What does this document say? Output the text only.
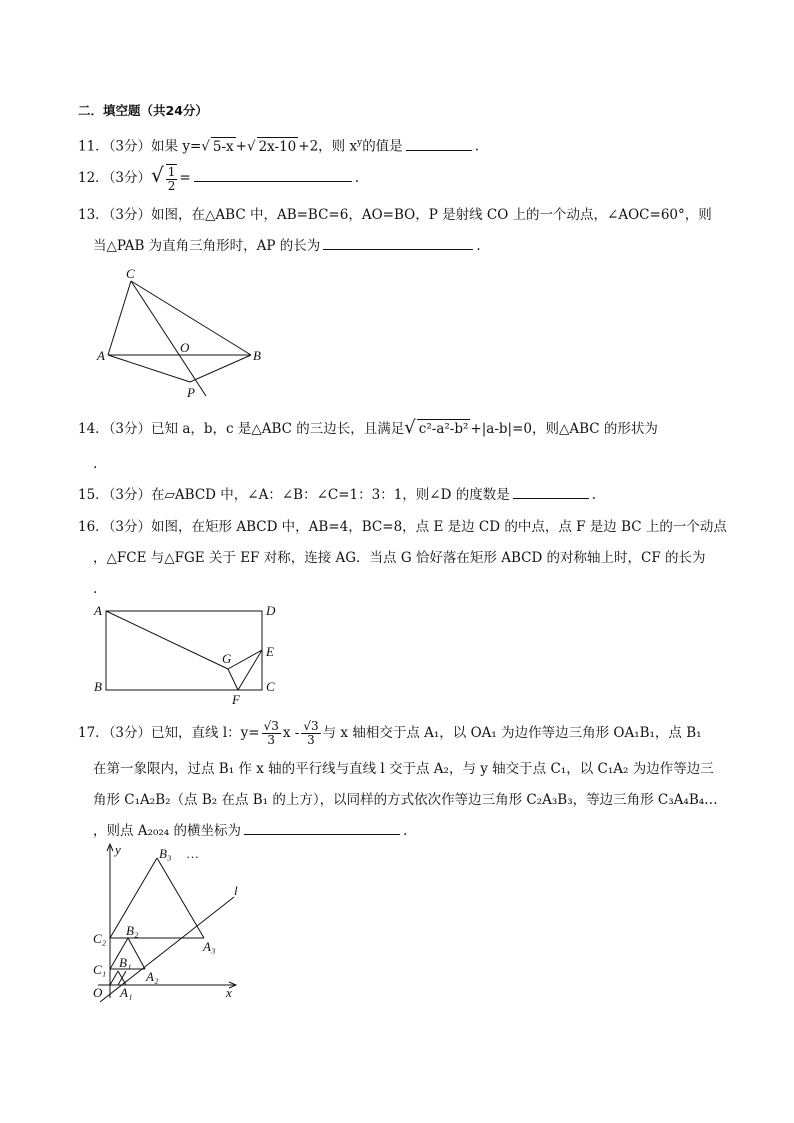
二．填空题（共24分）
11．（3分）如果 y=√ 5-x +√ 2x-10 +2，则 $x^y$的值是	.
12．（3分）√ $\frac{1}{2}$ =	.
13．（3分）如图，在△ABC 中，AB=BC=6，AO=BO，P 是射线 CO 上的一个动点，∠AOC=60°，则
当△PAB 为直角三角形时，AP 的长为	.
C
O
A	B
P
14．（3分）已知 a，b，c 是△ABC 的三边长，且满足√ c²-a²-b² +|a-b|=0，则△ABC 的形状为
.
15．（3分）在▱ABCD 中，∠A：∠B：∠C=1：3：1，则∠D 的度数是	.
16．（3分）如图，在矩形 ABCD 中，AB=4，BC=8，点 E 是边 CD 的中点，点 F 是边 BC 上的一个动点
，△FCE 与△FGE 关于 EF 对称，连接 AG．当点 G 恰好落在矩形 ABCD 的对称轴上时，CF 的长为
.
A	D
G	E
B
F
C
17．（3分）已知，直线 l：$y= \frac{√3}{3}$ x - $\frac{√3}{3}$ 与 x 轴相交于点 A₁，以 OA₁ 为边作等边三角形 OA₁B₁，点 B₁
在第一象限内，过点 B₁ 作 x 轴的平行线与直线 l 交于点 A₂，与 y 轴交于点 C₁，以 C₁A₂ 为边作等边三
角形 C₁A₂B₂（点 B₂ 在点 B₁ 的上方），以同样的方式依次作等边三角形 C₂A₃B₃，等边三角形 C₃A₄B₄…
，则点 A₂₀₂₄ 的横坐标为	.
y	B₃ …
l
C₂
B₂
A₃
C₁ B₁
A₂
O A₁	x
